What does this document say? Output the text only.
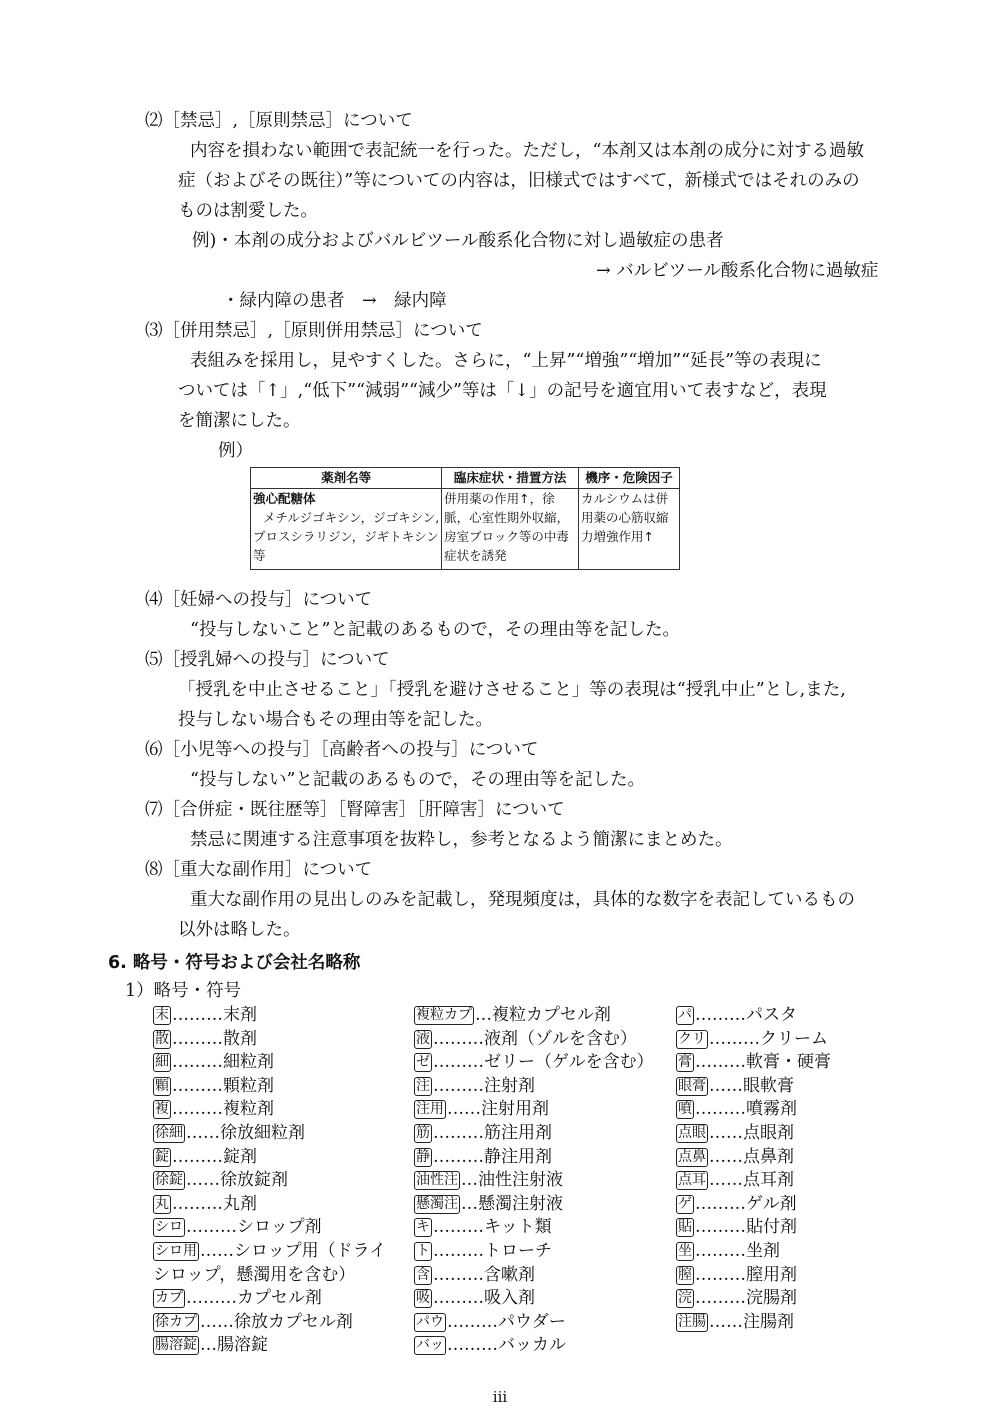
⑵［禁忌］,［原則禁忌］について
内容を損わない範囲で表記統一を行った。ただし，“本剤又は本剤の成分に対する過敏
症（およびその既往）”等についての内容は，旧様式ではすべて，新様式ではそれのみの
ものは割愛した。
例)・本剤の成分およびバルビツール酸系化合物に対し過敏症の患者
→ バルビツール酸系化合物に過敏症
・緑内障の患者　→　緑内障
⑶［併用禁忌］,［原則併用禁忌］について
表組みを採用し，見やすくした。さらに，“上昇”“増強”“増加”“延長”等の表現に
ついては「↑」,“低下”“減弱”“減少”等は「↓」の記号を適宜用いて表すなど，表現
を簡潔にした。
例）
薬剤名等	臨床症状・措置方法	機序・危険因子

強心配糖体
メチルジゴキシン，ジゴキシン,
プロスシラリジン，ジギトキシン
等	併用薬の作用↑，徐脈，心室性期外収縮，房室ブロック等の中毒症状を誘発	カルシウムは併用薬の心筋収縮力増強作用↑
⑷［妊婦への投与］について
“投与しないこと”と記載のあるもので，その理由等を記した。
⑸［授乳婦への投与］について
「授乳を中止させること」「授乳を避けさせること」等の表現は“授乳中止”とし,また,
投与しない場合もその理由等を記した。
⑹［小児等への投与］［高齢者への投与］について
“投与しない”と記載のあるもので，その理由等を記した。
⑺［合併症・既往歴等］［腎障害］［肝障害］について
禁忌に関連する注意事項を抜粋し，参考となるよう簡潔にまとめた。
⑻［重大な副作用］について
重大な副作用の見出しのみを記載し，発現頻度は，具体的な数字を表記しているもの
以外は略した。
6. 略号・符号および会社名略称
1）略号・符号
末 ………末剤
散 ………散剤
細 ………細粒剤
顆 ………顆粒剤
複 ………複粒剤
徐細 ……徐放細粒剤
錠 ………錠剤
徐錠 ……徐放錠剤
丸 ………丸剤
シロ ………シロップ剤
シロ用 ……シロップ用（ドライ
シロップ，懸濁用を含む）
カプ ………カプセル剤
徐カプ ……徐放カプセル剤
腸溶錠 …腸溶錠
複粒カプ …複粒カプセル剤
液 ………液剤（ゾルを含む）
ゼ ………ゼリー（ゲルを含む）
注 ………注射剤
注用 ……注射用剤
筋 ………筋注用剤
静 ………静注用剤
油性注 …油性注射液
懸濁注 …懸濁注射液
キ ………キット類
ト ………トローチ
含 ………含嗽剤
吸 ………吸入剤
パウ ………パウダー
バッ ………バッカル
パ ………パスタ
クリ ………クリーム
膏 ………軟膏・硬膏
眼膏 ……眼軟膏
噴 ………噴霧剤
点眼 ……点眼剤
点鼻 ……点鼻剤
点耳 ……点耳剤
ゲ ………ゲル剤
貼 ………貼付剤
坐 ………坐剤
膣 ………膣用剤
浣 ………浣腸剤
注腸 ……注腸剤
iii
